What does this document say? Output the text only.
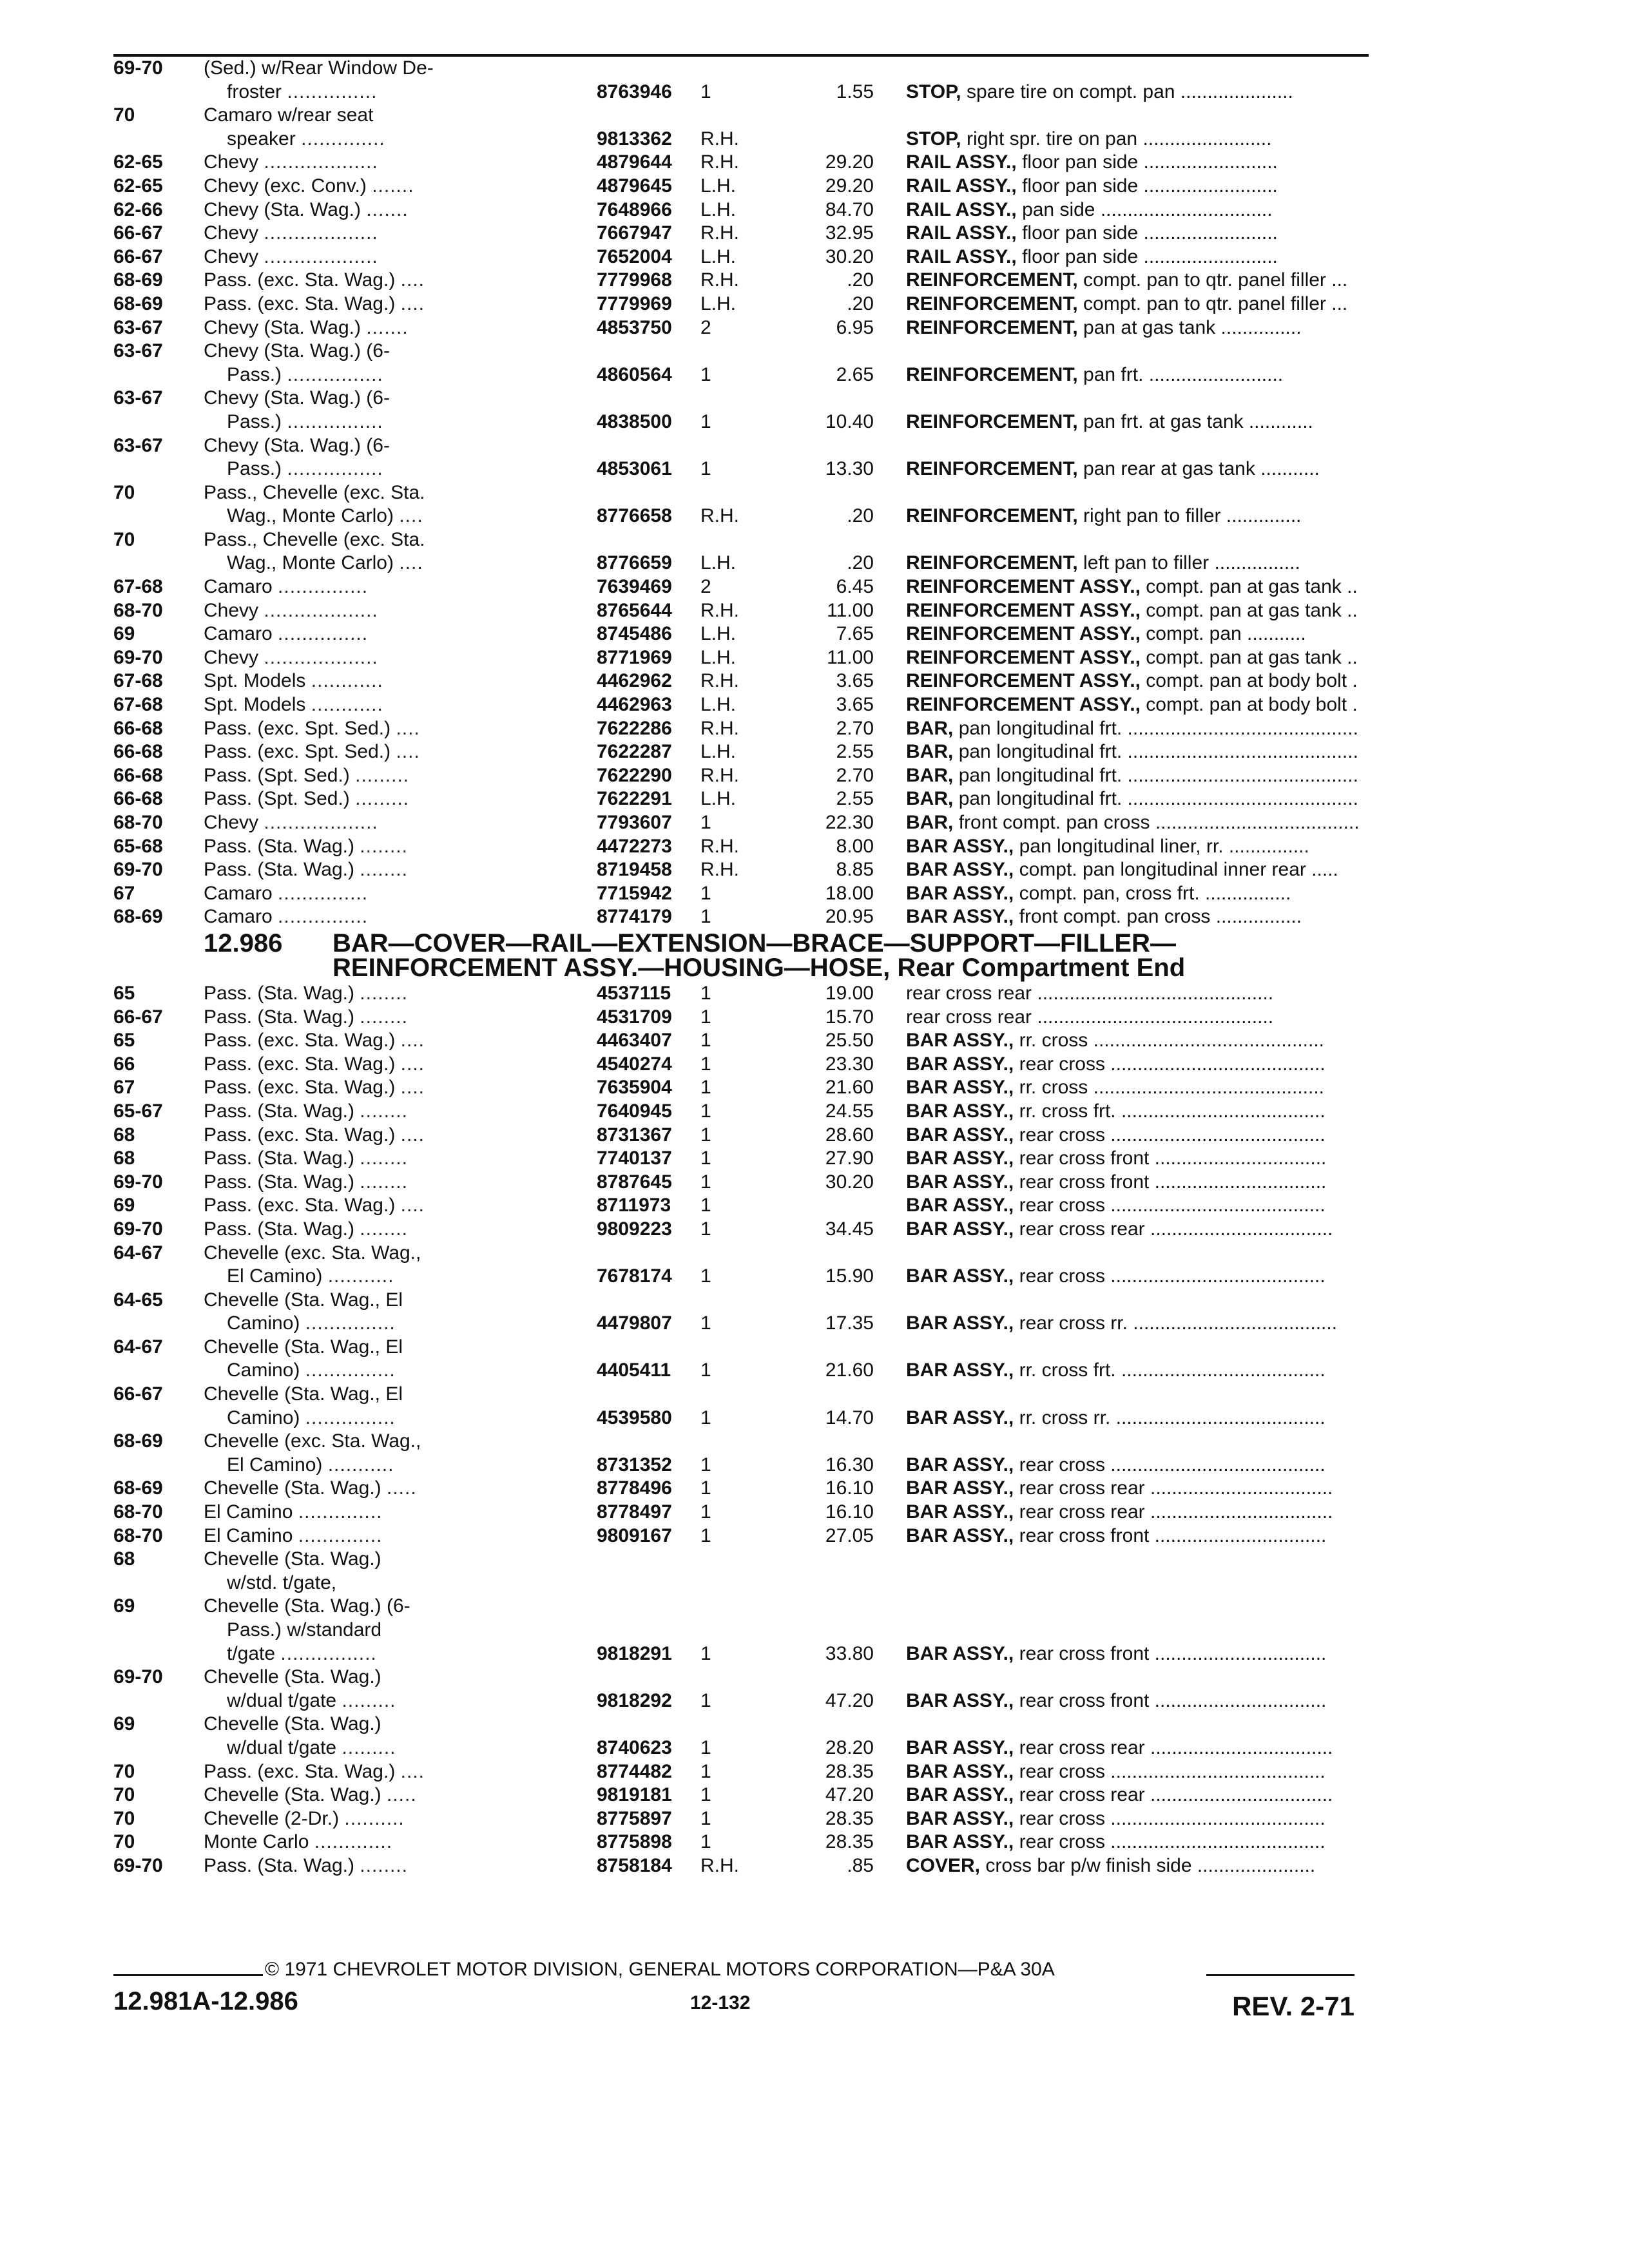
69-70	(Sed.) w/Rear Window De-
froster ...............	8763946	1	1.55 STOP, spare tire on compt. pan .....................
70	Camaro w/rear seat
speaker ..............	9813362	R.H.	STOP, right spr. tire on pan ........................
62-65	Chevy ...................	4879644	R.H.	29.20 RAIL ASSY., floor pan side .........................
62-65	Chevy (exc. Conv.) .......	4879645	L.H.	29.20 RAIL ASSY., floor pan side .........................
62-66	Chevy (Sta. Wag.) .......	7648966	L.H.	84.70 RAIL ASSY., pan side ................................
66-67	Chevy ...................	7667947	R.H.	32.95 RAIL ASSY., floor pan side .........................
66-67	Chevy ...................	7652004	L.H.	30.20 RAIL ASSY., floor pan side .........................
68-69	Pass. (exc. Sta. Wag.) ....	7779968	R.H.	.20 REINFORCEMENT, compt. pan to qtr. panel filler ...
68-69	Pass. (exc. Sta. Wag.) ....	7779969	L.H.	.20 REINFORCEMENT, compt. pan to qtr. panel filler ...
63-67	Chevy (Sta. Wag.) .......	4853750	2	6.95 REINFORCEMENT, pan at gas tank ...............
63-67	Chevy (Sta. Wag.) (6-
Pass.) ................	4860564	1	2.65 REINFORCEMENT, pan frt. .........................
63-67	Chevy (Sta. Wag.) (6-
Pass.) ................	4838500	1	10.40 REINFORCEMENT, pan frt. at gas tank ............
63-67	Chevy (Sta. Wag.) (6-
Pass.) ................	4853061	1	13.30 REINFORCEMENT, pan rear at gas tank ...........
70	Pass., Chevelle (exc. Sta.
Wag., Monte Carlo) ....	8776658	R.H.	.20 REINFORCEMENT, right pan to filler ..............
70	Pass., Chevelle (exc. Sta.
Wag., Monte Carlo) ....	8776659	L.H.	.20 REINFORCEMENT, left pan to filler ................
67-68	Camaro ...............	7639469	2	6.45 REINFORCEMENT ASSY., compt. pan at gas tank ..
68-70	Chevy ...................	8765644	R.H.	11.00 REINFORCEMENT ASSY., compt. pan at gas tank ..
69	Camaro ...............	8745486	L.H.	7.65 REINFORCEMENT ASSY., compt. pan ...........
69-70	Chevy ...................	8771969	L.H.	11.00 REINFORCEMENT ASSY., compt. pan at gas tank ..
67-68	Spt. Models ............	4462962	R.H.	3.65 REINFORCEMENT ASSY., compt. pan at body bolt .
67-68	Spt. Models ............	4462963	L.H.	3.65 REINFORCEMENT ASSY., compt. pan at body bolt .
66-68	Pass. (exc. Spt. Sed.) ....	7622286	R.H.	2.70 BAR, pan longitudinal frt. ...........................................
66-68	Pass. (exc. Spt. Sed.) ....	7622287	L.H.	2.55 BAR, pan longitudinal frt. ...........................................
66-68	Pass. (Spt. Sed.) .........	7622290	R.H.	2.70 BAR, pan longitudinal frt. ...........................................
66-68	Pass. (Spt. Sed.) .........	7622291	L.H.	2.55 BAR, pan longitudinal frt. ...........................................
68-70	Chevy ...................	7793607	1	22.30 BAR, front compt. pan cross ......................................
65-68	Pass. (Sta. Wag.) ........	4472273	R.H.	8.00 BAR ASSY., pan longitudinal liner, rr. ...............
69-70	Pass. (Sta. Wag.) ........	8719458	R.H.	8.85 BAR ASSY., compt. pan longitudinal inner rear .....
67	Camaro ...............	7715942	1	18.00 BAR ASSY., compt. pan, cross frt. ................
68-69	Camaro ...............	8774179	1	20.95 BAR ASSY., front compt. pan cross ................
12.986 BAR—COVER—RAIL—EXTENSION—BRACE—SUPPORT—FILLER—
REINFORCEMENT ASSY.—HOUSING—HOSE, Rear Compartment End
65	Pass. (Sta. Wag.) ........	4537115	1	19.00 rear cross rear ............................................
66-67	Pass. (Sta. Wag.) ........	4531709	1	15.70 rear cross rear ............................................
65	Pass. (exc. Sta. Wag.) ....	4463407	1	25.50 BAR ASSY., rr. cross ...........................................
66	Pass. (exc. Sta. Wag.) ....	4540274	1	23.30 BAR ASSY., rear cross ........................................
67	Pass. (exc. Sta. Wag.) ....	7635904	1	21.60 BAR ASSY., rr. cross ...........................................
65-67	Pass. (Sta. Wag.) ........	7640945	1	24.55 BAR ASSY., rr. cross frt. ......................................
68	Pass. (exc. Sta. Wag.) ....	8731367	1	28.60 BAR ASSY., rear cross ........................................
68	Pass. (Sta. Wag.) ........	7740137	1	27.90 BAR ASSY., rear cross front ................................
69-70	Pass. (Sta. Wag.) ........	8787645	1	30.20 BAR ASSY., rear cross front ................................
69	Pass. (exc. Sta. Wag.) ....	8711973	1	BAR ASSY., rear cross ........................................
69-70	Pass. (Sta. Wag.) ........	9809223	1	34.45 BAR ASSY., rear cross rear ..................................
64-67	Chevelle (exc. Sta. Wag.,
El Camino) ...........	7678174	1	15.90 BAR ASSY., rear cross ........................................
64-65	Chevelle (Sta. Wag., El
Camino) ...............	4479807	1	17.35 BAR ASSY., rear cross rr. ......................................
64-67	Chevelle (Sta. Wag., El
Camino) ...............	4405411	1	21.60 BAR ASSY., rr. cross frt. ......................................
66-67	Chevelle (Sta. Wag., El
Camino) ...............	4539580	1	14.70 BAR ASSY., rr. cross rr. .......................................
68-69	Chevelle (exc. Sta. Wag.,
El Camino) ...........	8731352	1	16.30 BAR ASSY., rear cross ........................................
68-69	Chevelle (Sta. Wag.) .....	8778496	1	16.10 BAR ASSY., rear cross rear ..................................
68-70	El Camino ..............	8778497	1	16.10 BAR ASSY., rear cross rear ..................................
68-70	El Camino ..............	9809167	1	27.05 BAR ASSY., rear cross front ................................
68	Chevelle (Sta. Wag.)
w/std. t/gate,
69	Chevelle (Sta. Wag.) (6-
Pass.) w/standard
t/gate ................	9818291	1	33.80 BAR ASSY., rear cross front ................................
69-70	Chevelle (Sta. Wag.)
w/dual t/gate .........	9818292	1	47.20 BAR ASSY., rear cross front ................................
69	Chevelle (Sta. Wag.)
w/dual t/gate .........	8740623	1	28.20 BAR ASSY., rear cross rear ..................................
70	Pass. (exc. Sta. Wag.) ....	8774482	1	28.35 BAR ASSY., rear cross ........................................
70	Chevelle (Sta. Wag.) .....	9819181	1	47.20 BAR ASSY., rear cross rear ..................................
70	Chevelle (2-Dr.) ..........	8775897	1	28.35 BAR ASSY., rear cross ........................................
70	Monte Carlo .............	8775898	1	28.35 BAR ASSY., rear cross ........................................
69-70	Pass. (Sta. Wag.) ........	8758184	R.H.	.85 COVER, cross bar p/w finish side ......................
© 1971 CHEVROLET MOTOR DIVISION, GENERAL MOTORS CORPORATION—P&A 30A
12.981A-12.986	12-132	REV. 2-71
